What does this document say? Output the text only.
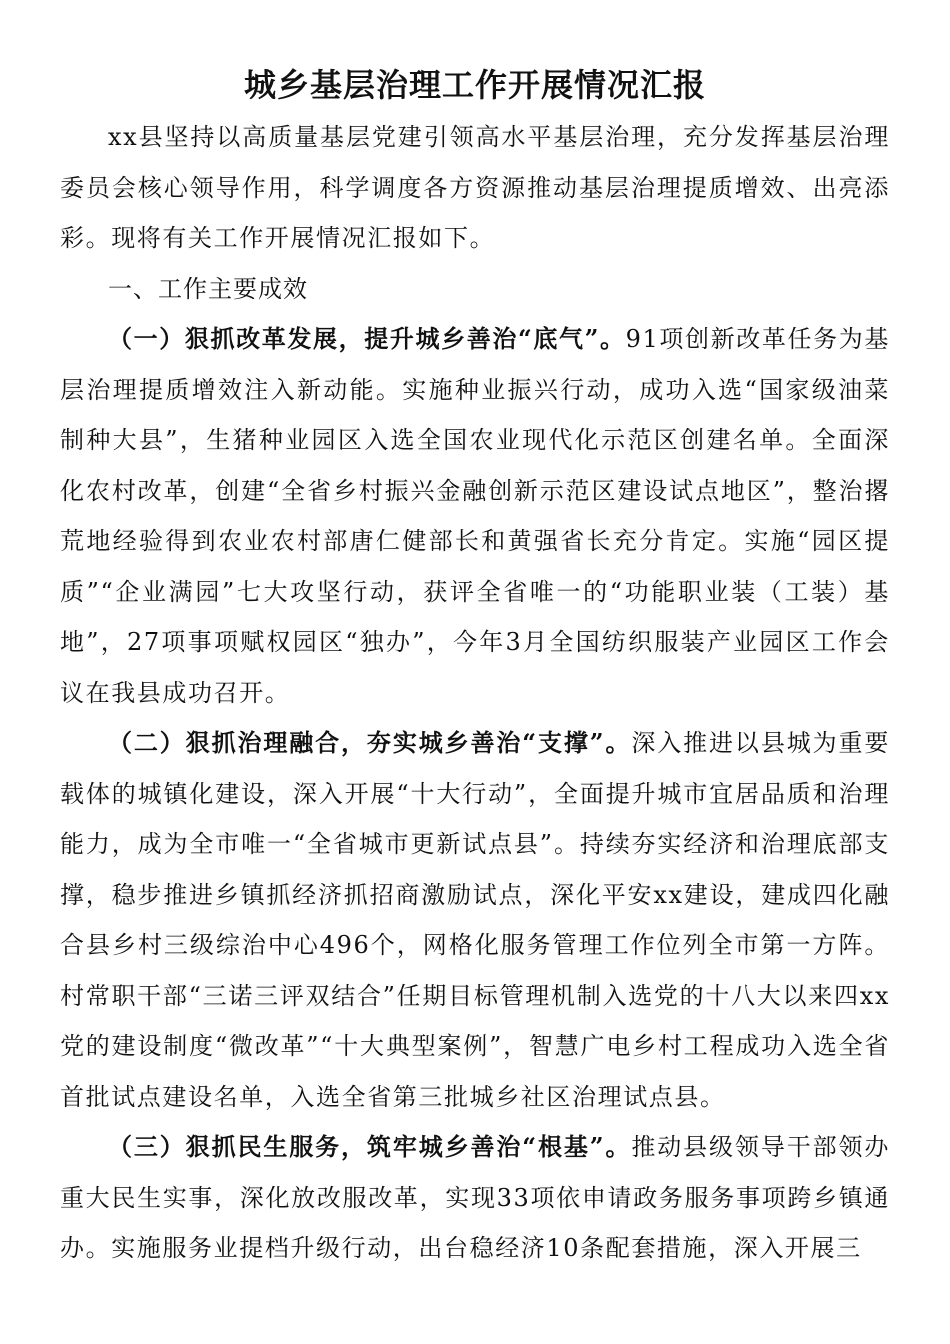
城乡基层治理工作开展情况汇报

xx县坚持以高质量基层党建引领高水平基层治理，充分发挥基层治理委员会核心领导作用，科学调度各方资源推动基层治理提质增效、出亮添彩。现将有关工作开展情况汇报如下。

一、工作主要成效

（一）狠抓改革发展，提升城乡善治“底气”。91项创新改革任务为基层治理提质增效注入新动能。实施种业振兴行动，成功入选“国家级油菜制种大县”，生猪种业园区入选全国农业现代化示范区创建名单。全面深化农村改革，创建“全省乡村振兴金融创新示范区建设试点地区”，整治撂荒地经验得到农业农村部唐仁健部长和黄强省长充分肯定。实施“园区提质”“企业满园”七大攻坚行动，获评全省唯一的“功能职业装（工装）基地”，27项事项赋权园区“独办”，今年3月全国纺织服装产业园区工作会议在我县成功召开。

（二）狠抓治理融合，夯实城乡善治“支撑”。深入推进以县城为重要载体的城镇化建设，深入开展“十大行动”，全面提升城市宜居品质和治理能力，成为全市唯一“全省城市更新试点县”。持续夯实经济和治理底部支撑，稳步推进乡镇抓经济抓招商激励试点，深化平安xx建设，建成四化融合县乡村三级综治中心496个，网格化服务管理工作位列全市第一方阵。村常职干部“三诺三评双结合”任期目标管理机制入选党的十八大以来四xx党的建设制度“微改革”“十大典型案例”，智慧广电乡村工程成功入选全省首批试点建设名单，入选全省第三批城乡社区治理试点县。

（三）狠抓民生服务，筑牢城乡善治“根基”。推动县级领导干部领办重大民生实事，深化放改服改革，实现33项依申请政务服务事项跨乡镇通办。实施服务业提档升级行动，出台稳经济10条配套措施，深入开展三
